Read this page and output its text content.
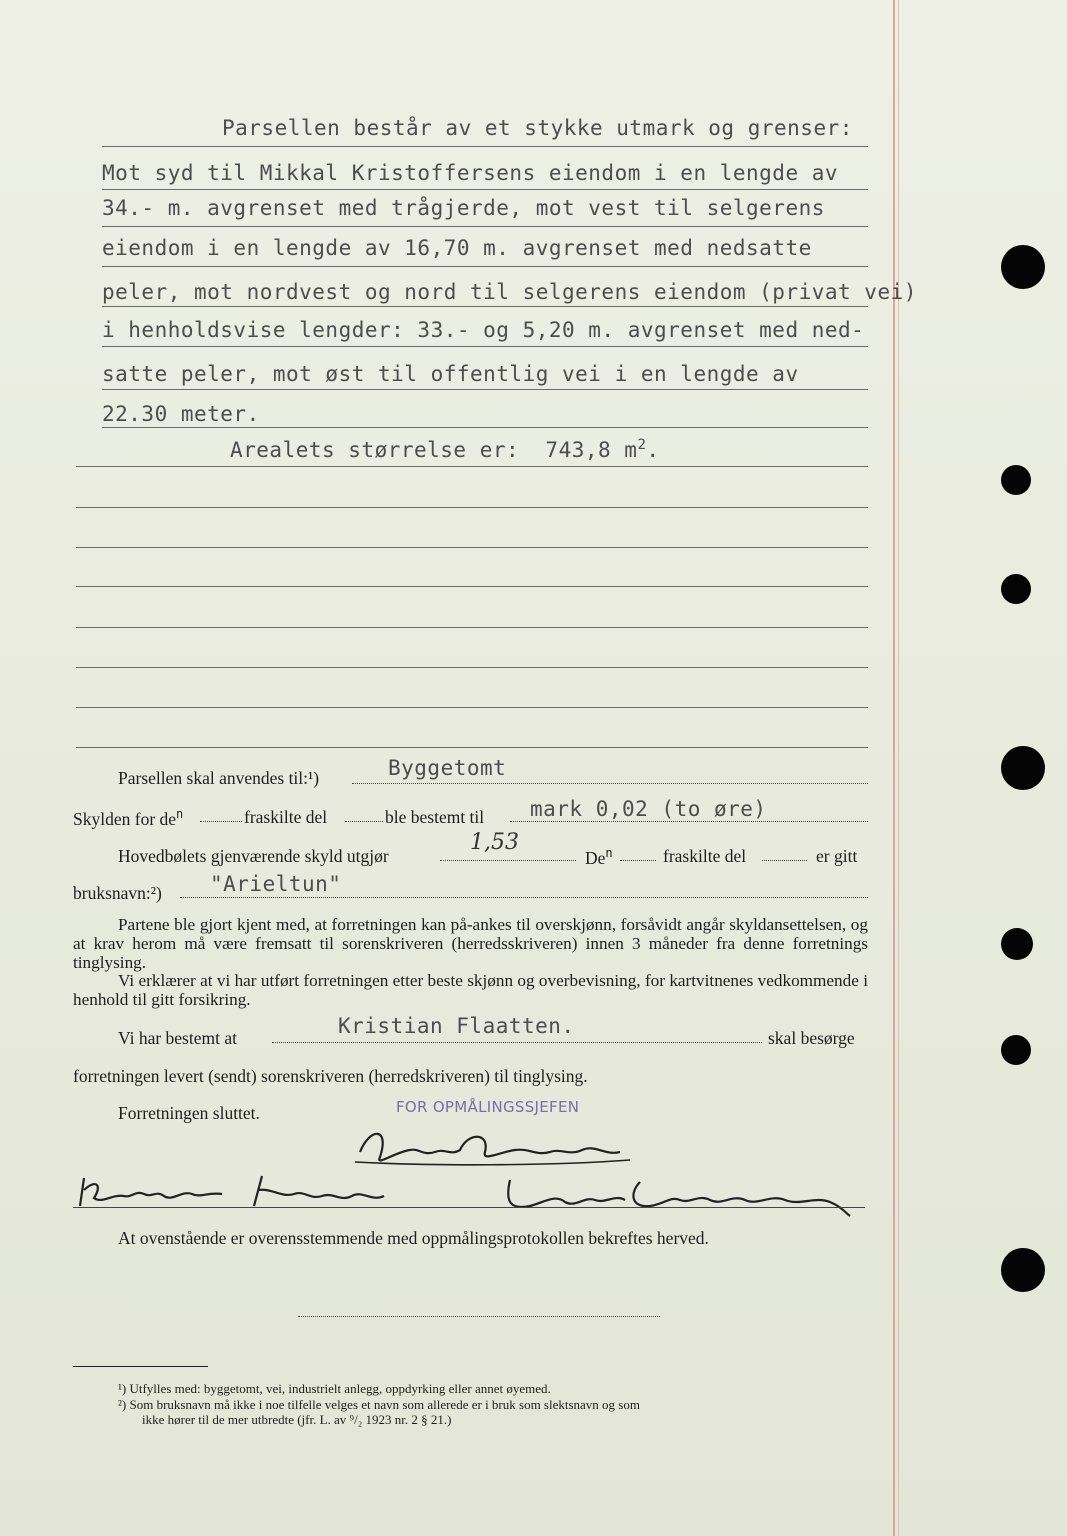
Parsellen består av et stykke utmark og grenser:
Mot syd til Mikkal Kristoffersens eiendom i en lengde av
34.- m. avgrenset med trågjerde, mot vest til selgerens
eiendom i en lengde av 16,70 m. avgrenset med nedsatte
peler, mot nordvest og nord til selgerens eiendom (privat vei)
i henholdsvise lengder: 33.- og 5,20 m. avgrenset med ned-
satte peler, mot øst til offentlig vei i en lengde av
22.30 meter.
Arealets størrelse er:  743,8 $m^2$.
Parsellen skal anvendes til:¹)	Byggetomt
Skylden for $de^n$	fraskilte del	ble bestemt til mark 0,02 (to øre)
Hovedbølets gjenværende skyld utgjør
1,53
De$^n$	fraskilte del	er gitt
bruksnavn:²) "Arieltun"
Partene ble gjort kjent med, at forretningen kan på-ankes til overskjønn, forsåvidt angår skyldansettelsen, og at krav herom må være fremsatt til sorenskriveren (herredsskriveren) innen 3 måneder fra denne forretnings tinglysing.
Vi erklærer at vi har utført forretningen etter beste skjønn og overbevisning, for kartvitnenes vedkommende i henhold til gitt forsikring.
Vi har bestemt at	Kristian Flaatten.	skal besørge
forretningen levert (sendt) sorenskriveren (herredskriveren) til tinglysing.
Forretningen sluttet.	FOR OPMÅLINGSSJEFEN
At ovenstående er overensstemmende med oppmålingsprotokollen bekreftes herved.
¹) Utfylles med: byggetomt, vei, industrielt anlegg, oppdyrking eller annet øyemed.
²) Som bruksnavn må ikke i noe tilfelle velges et navn som allerede er i bruk som slektsnavn og som
ikke hører til de mer utbredte (jfr. L. av ⁹/₂ 1923 nr. 2 § 21.)
